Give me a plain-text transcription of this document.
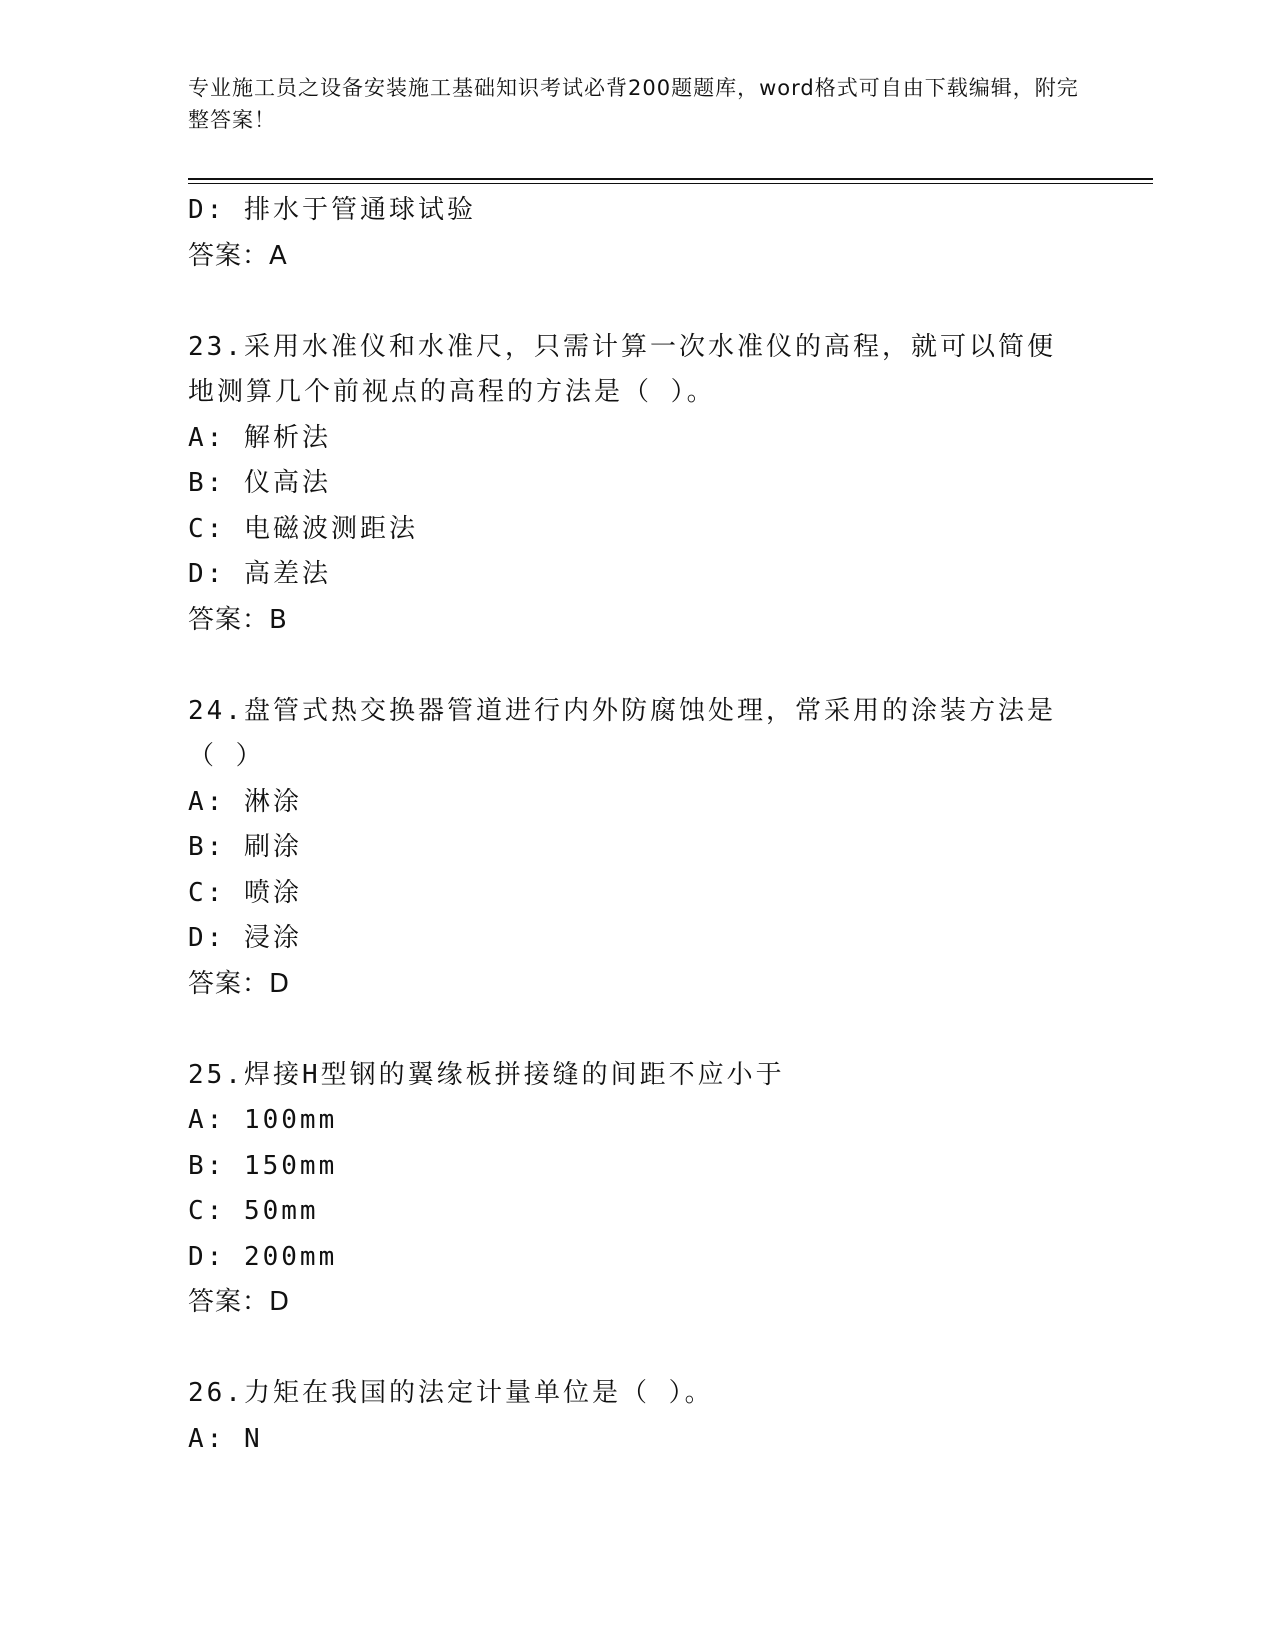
专业施工员之设备安装施工基础知识考试必背200题题库，word格式可自由下载编辑，附完整答案！
D: 排水于管通球试验
答案：A
23.采用水准仪和水准尺，只需计算一次水准仪的高程，就可以简便地测算几个前视点的高程的方法是（ ）。
A: 解析法
B: 仪高法
C: 电磁波测距法
D: 高差法
答案：B
24.盘管式热交换器管道进行内外防腐蚀处理，常采用的涂装方法是（ ）
A: 淋涂
B: 刷涂
C: 喷涂
D: 浸涂
答案：D
25.焊接H型钢的翼缘板拼接缝的间距不应小于
A: 100mm
B: 150mm
C: 50mm
D: 200mm
答案：D
26.力矩在我国的法定计量单位是（ ）。
A: N
